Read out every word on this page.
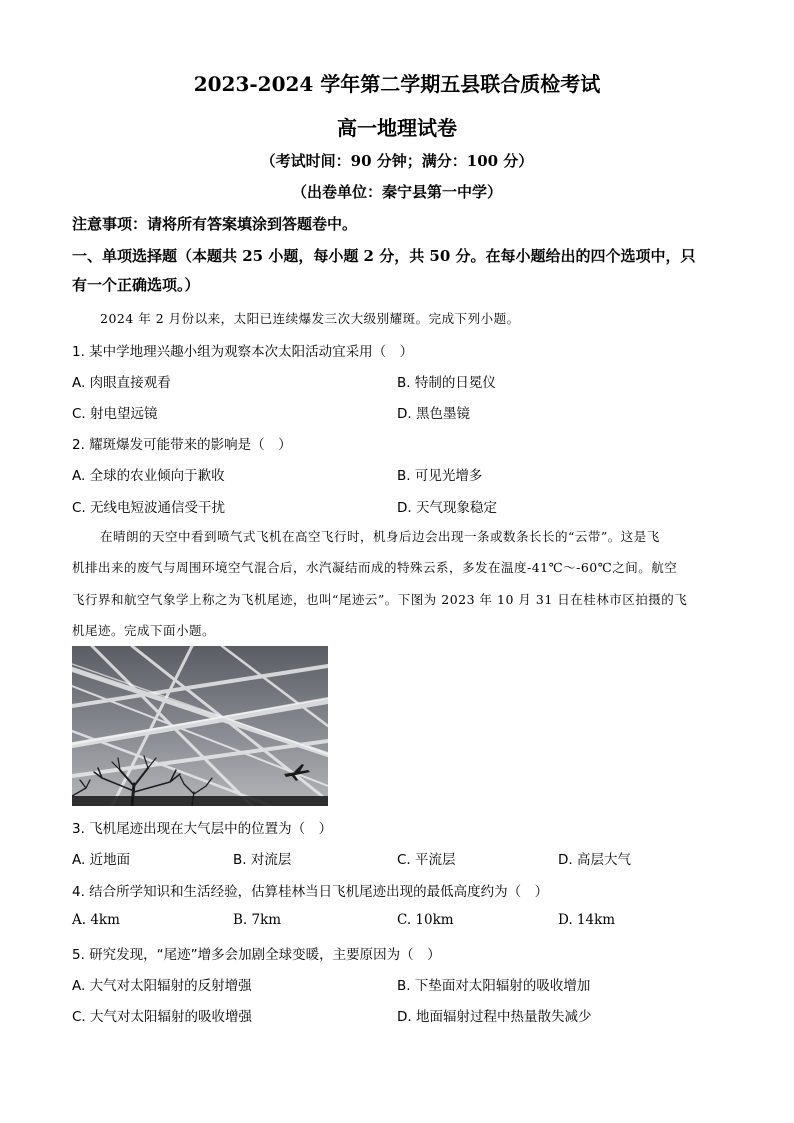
2023-2024 学年第二学期五县联合质检考试
高一地理试卷
（考试时间：90 分钟；满分：100 分）
（出卷单位：秦宁县第一中学）
注意事项：请将所有答案填涂到答题卷中。
一、单项选择题（本题共 25 小题，每小题 2 分，共 50 分。在每小题给出的四个选项中，只
有一个正确选项。）
2024 年 2 月份以来，太阳已连续爆发三次大级别耀斑。完成下列小题。
1. 某中学地理兴趣小组为观察本次太阳活动宜采用（　）
A. 肉眼直接观看	B. 特制的日冕仪
C. 射电望远镜	D. 黑色墨镜
2. 耀斑爆发可能带来的影响是（　）
A. 全球的农业倾向于歉收	B. 可见光增多
C. 无线电短波通信受干扰	D. 天气现象稳定
在晴朗的天空中看到喷气式飞机在高空飞行时，机身后边会出现一条或数条长长的“云带”。这是飞
机排出来的废气与周围环境空气混合后，水汽凝结而成的特殊云系，多发在温度-41℃～-60℃之间。航空
飞行界和航空气象学上称之为飞机尾迹，也叫“尾迹云”。下图为 2023 年 10 月 31 日在桂林市区拍摄的飞
机尾迹。完成下面小题。
3. 飞机尾迹出现在大气层中的位置为（　）
A. 近地面	B. 对流层	C. 平流层	D. 高层大气
4. 结合所学知识和生活经验，估算桂林当日飞机尾迹出现的最低高度约为（　）
A. 4km	B. 7km	C. 10km	D. 14km
5. 研究发现，“尾迹”增多会加剧全球变暖，主要原因为（　）
A. 大气对太阳辐射的反射增强	B. 下垫面对太阳辐射的吸收增加
C. 大气对太阳辐射的吸收增强	D. 地面辐射过程中热量散失减少
